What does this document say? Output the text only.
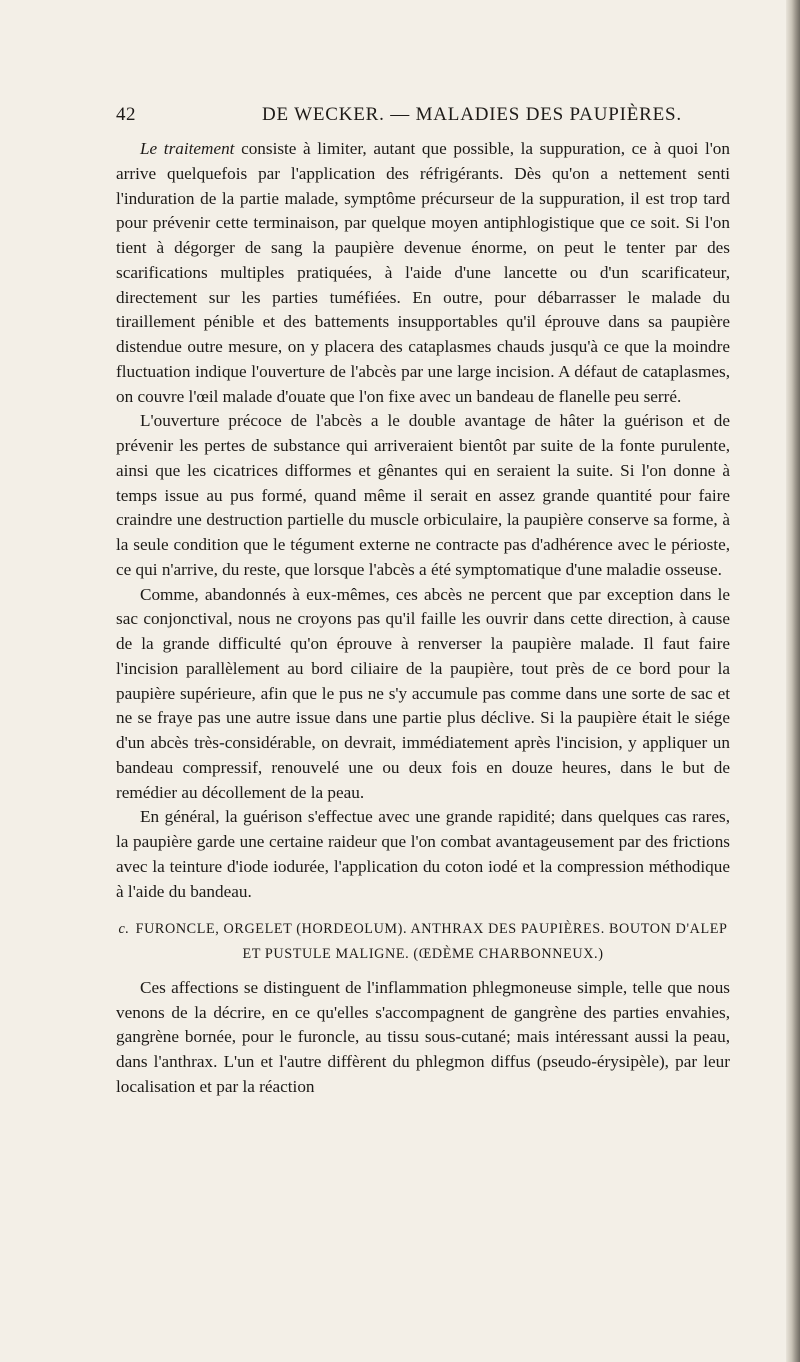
42	DE WECKER. — MALADIES DES PAUPIÈRES.

Le traitement consiste à limiter, autant que possible, la suppuration, ce à quoi l'on arrive quelquefois par l'application des réfrigérants. Dès qu'on a nettement senti l'induration de la partie malade, symptôme précurseur de la suppuration, il est trop tard pour prévenir cette terminaison, par quelque moyen antiphlogistique que ce soit. Si l'on tient à dégorger de sang la paupière devenue énorme, on peut le tenter par des scarifications multiples pratiquées, à l'aide d'une lancette ou d'un scarificateur, directement sur les parties tuméfiées. En outre, pour débarrasser le malade du tiraillement pénible et des battements insupportables qu'il éprouve dans sa paupière distendue outre mesure, on y placera des cataplasmes chauds jusqu'à ce que la moindre fluctuation indique l'ouverture de l'abcès par une large incision. A défaut de cataplasmes, on couvre l'œil malade d'ouate que l'on fixe avec un bandeau de flanelle peu serré.

L'ouverture précoce de l'abcès a le double avantage de hâter la guérison et de prévenir les pertes de substance qui arriveraient bientôt par suite de la fonte purulente, ainsi que les cicatrices difformes et gênantes qui en seraient la suite. Si l'on donne à temps issue au pus formé, quand même il serait en assez grande quantité pour faire craindre une destruction partielle du muscle orbiculaire, la paupière conserve sa forme, à la seule condition que le tégument externe ne contracte pas d'adhérence avec le périoste, ce qui n'arrive, du reste, que lorsque l'abcès a été symptomatique d'une maladie osseuse.

Comme, abandonnés à eux-mêmes, ces abcès ne percent que par exception dans le sac conjonctival, nous ne croyons pas qu'il faille les ouvrir dans cette direction, à cause de la grande difficulté qu'on éprouve à renverser la paupière malade. Il faut faire l'incision parallèlement au bord ciliaire de la paupière, tout près de ce bord pour la paupière supérieure, afin que le pus ne s'y accumule pas comme dans une sorte de sac et ne se fraye pas une autre issue dans une partie plus déclive. Si la paupière était le siége d'un abcès très-considérable, on devrait, immédiatement après l'incision, y appliquer un bandeau compressif, renouvelé une ou deux fois en douze heures, dans le but de remédier au décollement de la peau.

En général, la guérison s'effectue avec une grande rapidité; dans quelques cas rares, la paupière garde une certaine raideur que l'on combat avantageusement par des frictions avec la teinture d'iode iodurée, l'application du coton iodé et la compression méthodique à l'aide du bandeau.

c. FURONCLE, ORGELET (HORDEOLUM). ANTHRAX DES PAUPIÈRES. BOUTON D'ALEP
ET PUSTULE MALIGNE. (ŒDÈME CHARBONNEUX.)

Ces affections se distinguent de l'inflammation phlegmoneuse simple, telle que nous venons de la décrire, en ce qu'elles s'accompagnent de gangrène des parties envahies, gangrène bornée, pour le furoncle, au tissu sous-cutané; mais intéressant aussi la peau, dans l'anthrax. L'un et l'autre diffèrent du phlegmon diffus (pseudo-érysipèle), par leur localisation et par la réaction
